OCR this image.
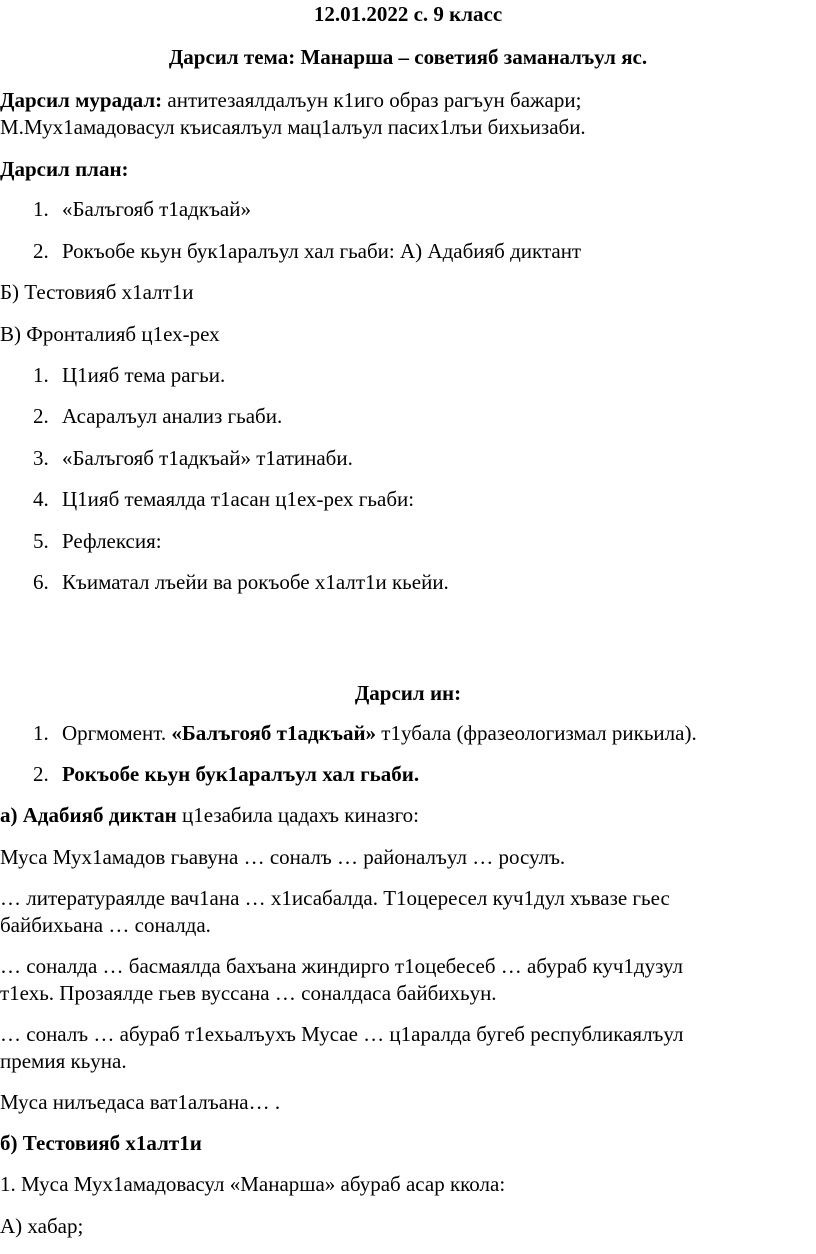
12.01.2022 с. 9 класс
Дарсил тема: Манарша – советияб заманалъул яс.
Дарсил мурадал: антитезаялдалъун к1иго образ рагъун бажари;
М.Мух1амадовасул къисаялъул мац1алъул пасих1лъи бихьизаби.
Дарсил план:
1. «Балъгояб т1адкъай»
2. Рокъобе кьун бук1аралъул хал гьаби: А) Адабияб диктант
Б) Тестовияб х1алт1и
В) Фронталияб ц1ех-рех
1. Ц1ияб тема рагьи.
2. Асаралъул анализ гьаби.
3. «Балъгояб т1адкъай» т1атинаби.
4. Ц1ияб темаялда т1асан ц1ех-рех гьаби:
5. Рефлексия:
6. Къиматал лъейи ва рокъобе х1алт1и кьейи.
Дарсил ин:
1. Оргмомент. «Балъгояб т1адкъай» т1убала (фразеологизмал рикьила).
2. Рокъобе кьун бук1аралъул хал гьаби.
а) Адабияб диктан ц1езабила цадахъ киназго:
Муса Мух1амадов гьавуна … соналъ … районалъул … росулъ.
… литератураялде вач1ана … х1исабалда. Т1оцересел куч1дул хъвазе гьес
байбихьана … соналда.
… соналда … басмаялда бахъана жиндирго т1оцебесеб … абураб куч1дузул
т1ехь. Прозаялде гьев вуссана … соналдаса байбихьун.
… соналъ … абураб т1ехьалъухъ Мусае … ц1аралда бугеб республикаялъул
премия кьуна.
Муса нилъедаса ват1алъана… .
б) Тестовияб х1алт1и
1. Муса Мух1амадовасул «Манарша» абураб асар ккола:
А) хабар;
